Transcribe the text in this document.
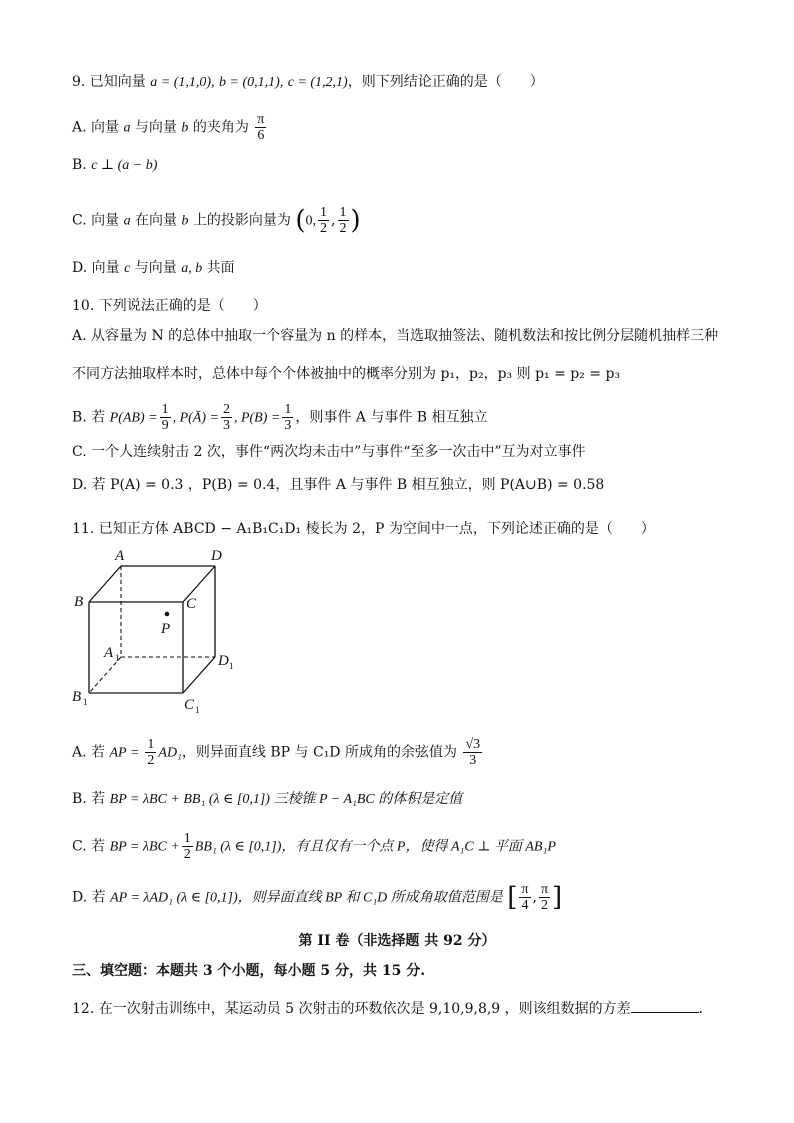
9. 已知向量 a = (1,1,0), b = (0,1,1), c = (1,2,1)，则下列结论正确的是（　　）
A. 向量 a 与向量 b 的夹角为 $\frac{\pi}{6}$
B. c ⊥ (a − b)
C. 向量 a 在向量 b 上的投影向量为 (0, $\frac{1}{2}$ , $\frac{1}{2}$ )
D. 向量 c 与向量 a, b 共面
10. 下列说法正确的是（　　）
A. 从容量为 N 的总体中抽取一个容量为 n 的样本，当选取抽签法、随机数法和按比例分层随机抽样三种
不同方法抽取样本时，总体中每个个体被抽中的概率分别为 p₁，p₂，p₃ 则 p₁ = p₂ = p₃
B. 若 $P(AB) = \frac{1}{9}$ , P(Ā) = $\frac{2}{3}$ , $P(B) = \frac{1}{3}$ ，则事件 A 与事件 B 相互独立
C. 一个人连续射击 2 次，事件“两次均未击中”与事件“至多一次击中”互为对立事件
D. 若 P(A) = 0.3 ，P(B) = 0.4，且事件 A 与事件 B 相互独立，则 P(A∪B) = 0.58
11. 已知正方体 ABCD − A₁B₁C₁D₁ 棱长为 2，P 为空间中一点，下列论述正确的是（　　）
A	D
B	C
P
A	D
B	C
1
1
1
1
A. 若 AP = $\frac{1}{2} AD_1$，则异面直线 BP 与 C₁D 所成角的余弦值为 $\frac{√3}{3}$
B. 若 BP = λBC + BB₁ (λ ∈ [0,1]) 三棱锥 P − A₁BC 的体积是定值
C. 若 BP = $\lambda BC + \frac{1}{2} BB_1$ (λ ∈ [0,1])，有且仅有一个点 P，使得 A₁C ⊥ 平面 AB₁P
D. 若 AP = λAD₁ (λ ∈ [0,1])，则异面直线 BP 和 C₁D 所成角取值范围是 [ $\frac{\pi}{4}$ , $\frac{\pi}{2}$ ]
第 II 卷（非选择题 共 92 分）
三、填空题：本题共 3 个小题，每小题 5 分，共 15 分.
12. 在一次射击训练中，某运动员 5 次射击的环数依次是 9,10,9,8,9 ，则该组数据的方差	.
